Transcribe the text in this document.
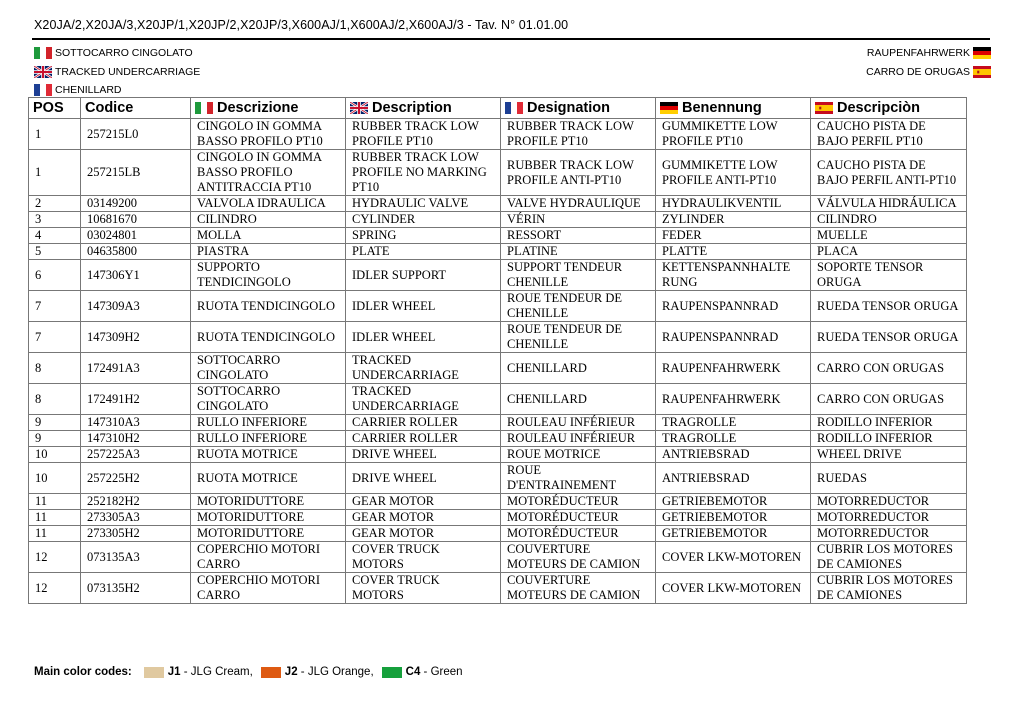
X20JA/2,X20JA/3,X20JP/1,X20JP/2,X20JP/3,X600AJ/1,X600AJ/2,X600AJ/3 - Tav. N° 01.01.00
SOTTOCARRO CINGOLATO
TRACKED UNDERCARRIAGE
CHENILLARD
RAUPENFAHRWERK
CARRO DE ORUGAS
POS	Codice	Descrizione	Description	Designation	Benennung	Descripciòn

1	257215L0	CINGOLO IN GOMMA BASSO PROFILO PT10	RUBBER TRACK LOW PROFILE PT10	RUBBER TRACK LOW PROFILE PT10	GUMMIKETTE LOW PROFILE PT10	CAUCHO PISTA DE BAJO PERFIL PT10
1	257215LB	CINGOLO IN GOMMA BASSO PROFILO ANTITRACCIA PT10	RUBBER TRACK LOW PROFILE NO MARKING PT10	RUBBER TRACK LOW PROFILE ANTI-PT10	GUMMIKETTE LOW PROFILE ANTI-PT10	CAUCHO PISTA DE BAJO PERFIL ANTI-PT10
2	03149200	VALVOLA IDRAULICA	HYDRAULIC VALVE	VALVE HYDRAULIQUE	HYDRAULIKVENTIL	VÁLVULA HIDRÁULICA
3	10681670	CILINDRO	CYLINDER	VÉRIN	ZYLINDER	CILINDRO
4	03024801	MOLLA	SPRING	RESSORT	FEDER	MUELLE
5	04635800	PIASTRA	PLATE	PLATINE	PLATTE	PLACA
6	147306Y1	SUPPORTO TENDICINGOLO	IDLER SUPPORT	SUPPORT TENDEUR CHENILLE	KETTENSPANNHALTE RUNG	SOPORTE TENSOR ORUGA
7	147309A3	RUOTA TENDICINGOLO	IDLER WHEEL	ROUE TENDEUR DE CHENILLE	RAUPENSPANNRAD	RUEDA TENSOR ORUGA
7	147309H2	RUOTA TENDICINGOLO	IDLER WHEEL	ROUE TENDEUR DE CHENILLE	RAUPENSPANNRAD	RUEDA TENSOR ORUGA
8	172491A3	SOTTOCARRO CINGOLATO	TRACKED UNDERCARRIAGE	CHENILLARD	RAUPENFAHRWERK	CARRO CON ORUGAS
8	172491H2	SOTTOCARRO CINGOLATO	TRACKED UNDERCARRIAGE	CHENILLARD	RAUPENFAHRWERK	CARRO CON ORUGAS
9	147310A3	RULLO INFERIORE	CARRIER ROLLER	ROULEAU INFÉRIEUR	TRAGROLLE	RODILLO INFERIOR
9	147310H2	RULLO INFERIORE	CARRIER ROLLER	ROULEAU INFÉRIEUR	TRAGROLLE	RODILLO INFERIOR
10	257225A3	RUOTA MOTRICE	DRIVE WHEEL	ROUE MOTRICE	ANTRIEBSRAD	WHEEL DRIVE
10	257225H2	RUOTA MOTRICE	DRIVE WHEEL	ROUE D'ENTRAINEMENT	ANTRIEBSRAD	RUEDAS
11	252182H2	MOTORIDUTTORE	GEAR MOTOR	MOTORÉDUCTEUR	GETRIEBEMOTOR	MOTORREDUCTOR
11	273305A3	MOTORIDUTTORE	GEAR MOTOR	MOTORÉDUCTEUR	GETRIEBEMOTOR	MOTORREDUCTOR
11	273305H2	MOTORIDUTTORE	GEAR MOTOR	MOTORÉDUCTEUR	GETRIEBEMOTOR	MOTORREDUCTOR
12	073135A3	COPERCHIO MOTORI CARRO	COVER TRUCK MOTORS	COUVERTURE MOTEURS DE CAMION	COVER LKW-MOTOREN	CUBRIR LOS MOTORES DE CAMIONES
12	073135H2	COPERCHIO MOTORI CARRO	COVER TRUCK MOTORS	COUVERTURE MOTEURS DE CAMION	COVER LKW-MOTOREN	CUBRIR LOS MOTORES DE CAMIONES
Main color codes:	J1 - JLG Cream,	J2 - JLG Orange,	C4 - Green
